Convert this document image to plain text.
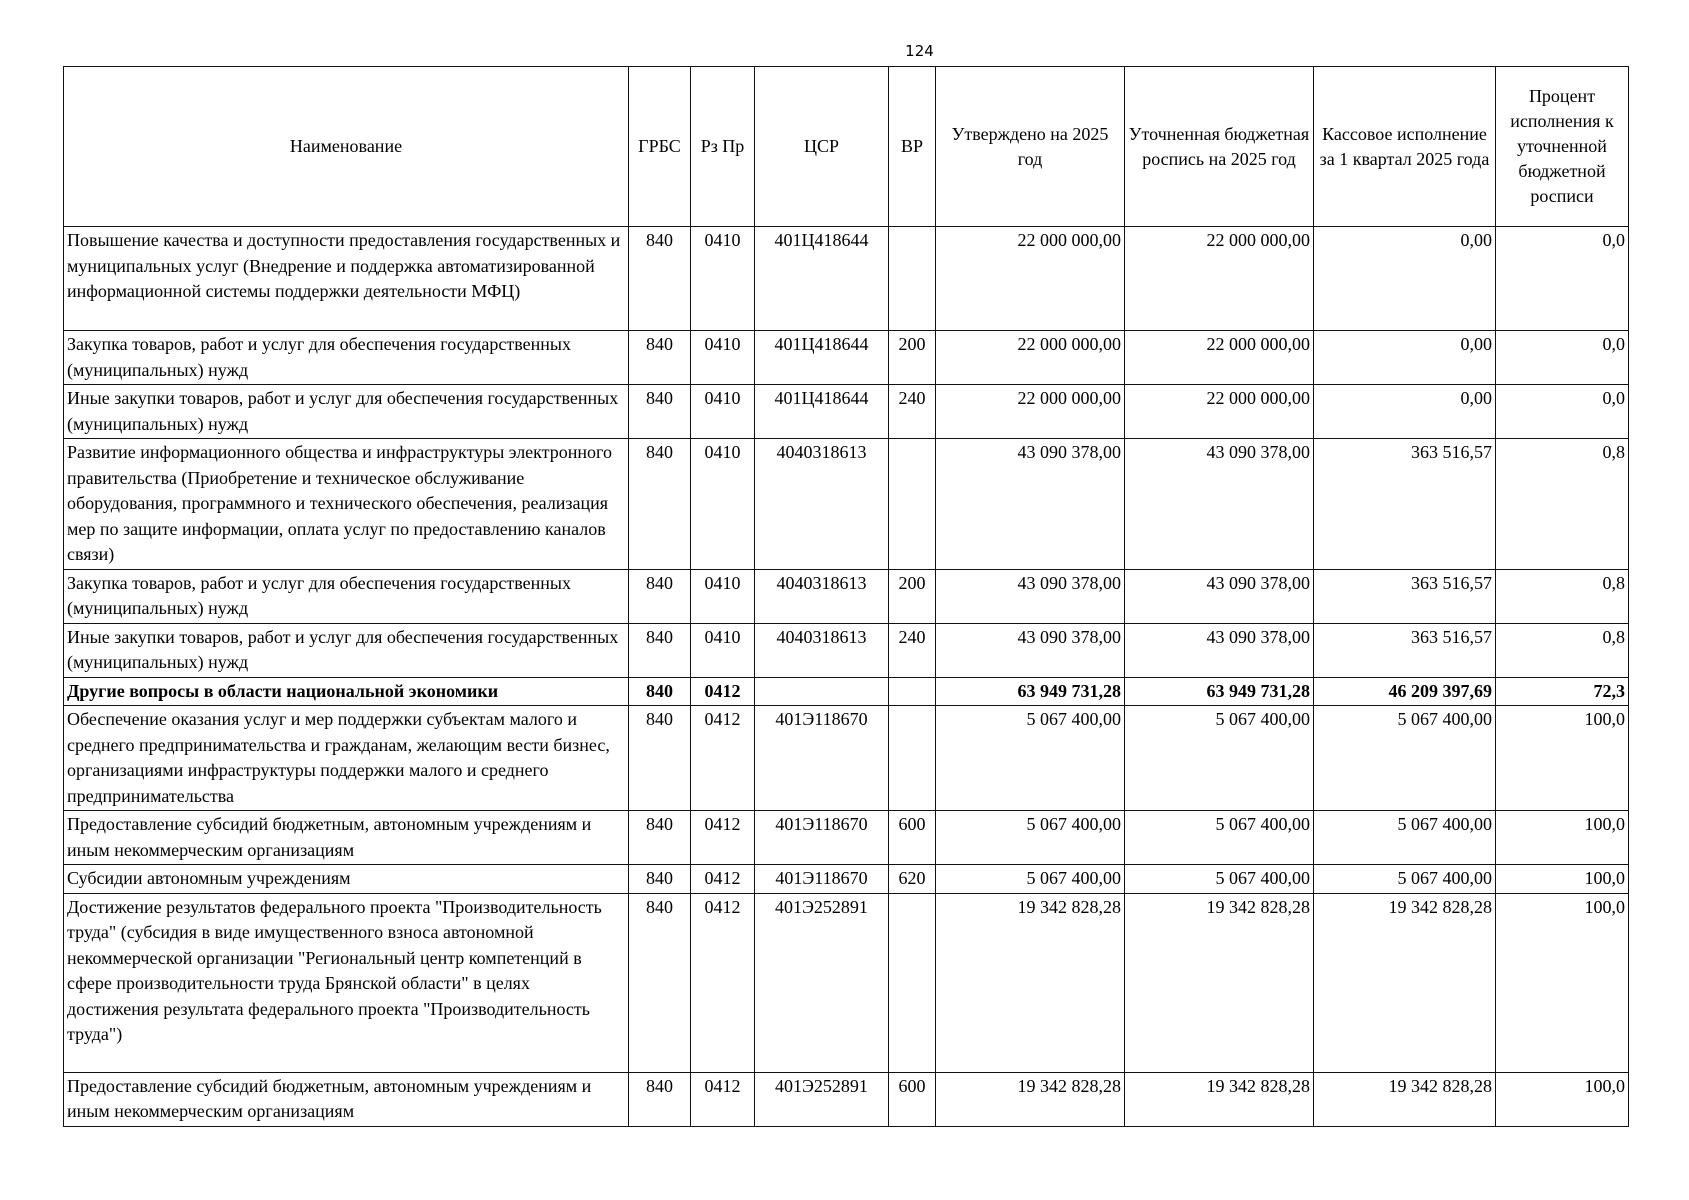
124
Наименование	ГРБС	Рз Пр	ЦСР	ВР	Утверждено на 2025 год	Уточненная бюджетная роспись на 2025 год	Кассовое исполнение за 1 квартал 2025 года	Процент исполнения к уточненной бюджетной росписи
Повышение качества и доступности предоставления государственных и муниципальных услуг (Внедрение и поддержка автоматизированной информационной системы поддержки деятельности МФЦ)	840	0410	401Ц418644		22 000 000,00	22 000 000,00	0,00	0,0
Закупка товаров, работ и услуг для обеспечения государственных (муниципальных) нужд	840	0410	401Ц418644	200	22 000 000,00	22 000 000,00	0,00	0,0
Иные закупки товаров, работ и услуг для обеспечения государственных (муниципальных) нужд	840	0410	401Ц418644	240	22 000 000,00	22 000 000,00	0,00	0,0
Развитие информационного общества и инфраструктуры электронного правительства (Приобретение и техническое обслуживание оборудования, программного и технического обеспечения, реализация мер по защите информации, оплата услуг по предоставлению каналов связи)	840	0410	4040318613		43 090 378,00	43 090 378,00	363 516,57	0,8
Закупка товаров, работ и услуг для обеспечения государственных (муниципальных) нужд	840	0410	4040318613	200	43 090 378,00	43 090 378,00	363 516,57	0,8
Иные закупки товаров, работ и услуг для обеспечения государственных (муниципальных) нужд	840	0410	4040318613	240	43 090 378,00	43 090 378,00	363 516,57	0,8
Другие вопросы в области национальной экономики	840	0412			63 949 731,28	63 949 731,28	46 209 397,69	72,3
Обеспечение оказания услуг и мер поддержки субъектам малого и среднего предпринимательства и гражданам, желающим вести бизнес, организациями инфраструктуры поддержки малого и среднего предпринимательства	840	0412	401Э118670		5 067 400,00	5 067 400,00	5 067 400,00	100,0
Предоставление субсидий бюджетным, автономным учреждениям и иным некоммерческим организациям	840	0412	401Э118670	600	5 067 400,00	5 067 400,00	5 067 400,00	100,0
Субсидии автономным учреждениям	840	0412	401Э118670	620	5 067 400,00	5 067 400,00	5 067 400,00	100,0
Достижение результатов федерального проекта "Производительность труда" (субсидия в виде имущественного взноса автономной некоммерческой организации "Региональный центр компетенций в сфере производительности труда Брянской области" в целях достижения результата федерального проекта "Производительность труда")	840	0412	401Э252891		19 342 828,28	19 342 828,28	19 342 828,28	100,0
Предоставление субсидий бюджетным, автономным учреждениям и иным некоммерческим организациям	840	0412	401Э252891	600	19 342 828,28	19 342 828,28	19 342 828,28	100,0
